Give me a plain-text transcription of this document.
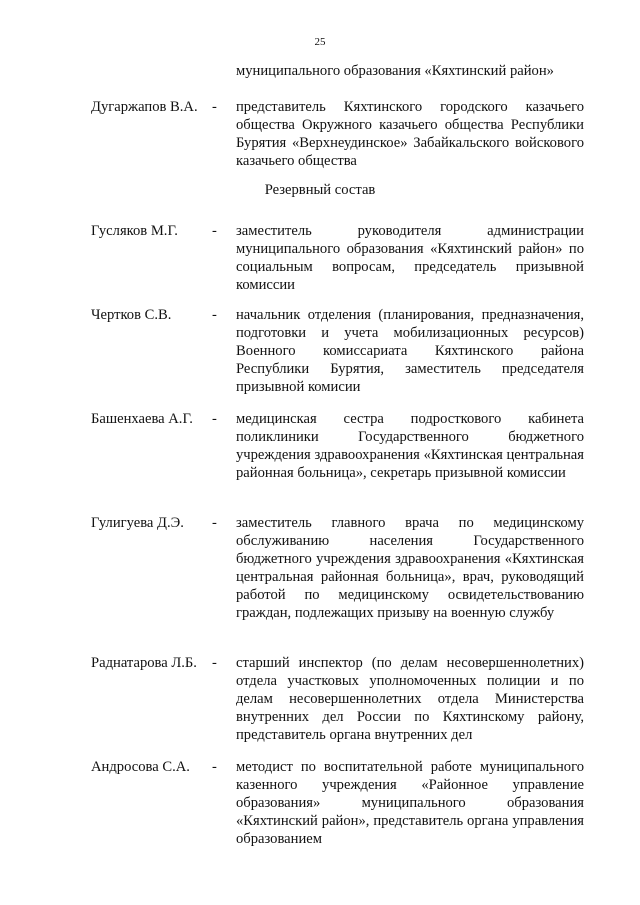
25
муниципального образования «Кяхтинский район»
Дугаржапов В.А. - представитель Кяхтинского городского казачьего общества Окружного казачьего общества Республики Бурятия «Верхнеудинское» Забайкальского войскового казачьего общества
Резервный состав
Гусляков М.Г. - заместитель руководителя администрации муниципального образования «Кяхтинский район» по социальным вопросам, председатель призывной комиссии
Чертков С.В.	- начальник отделения (планирования, предназначения, подготовки и учета мобилизационных ресурсов) Военного комиссариата Кяхтинского района Республики Бурятия, заместитель председателя призывной комисии
Башенхаева А.Г. - медицинская сестра подросткового кабинета поликлиники Государственного бюджетного учреждения здравоохранения «Кяхтинская центральная районная больница», секретарь призывной комиссии
Гулигуева Д.Э. - заместитель главного врача по медицинскому обслуживанию населения Государственного бюджетного учреждения здравоохранения «Кяхтинская центральная районная больница», врач, руководящий работой по медицинскому освидетельствованию граждан, подлежащих призыву на военную службу
Раднатарова Л.Б. - старший инспектор (по делам несовершеннолетних) отдела участковых уполномоченных полиции и по делам несовершеннолетних отдела Министерства внутренних дел России по Кяхтинскому району, представитель органа внутренних дел
Андросова С.А. - методист по воспитательной работе муниципального казенного учреждения «Районное управление образования» муниципального образования «Кяхтинский район», представитель органа управления образованием
